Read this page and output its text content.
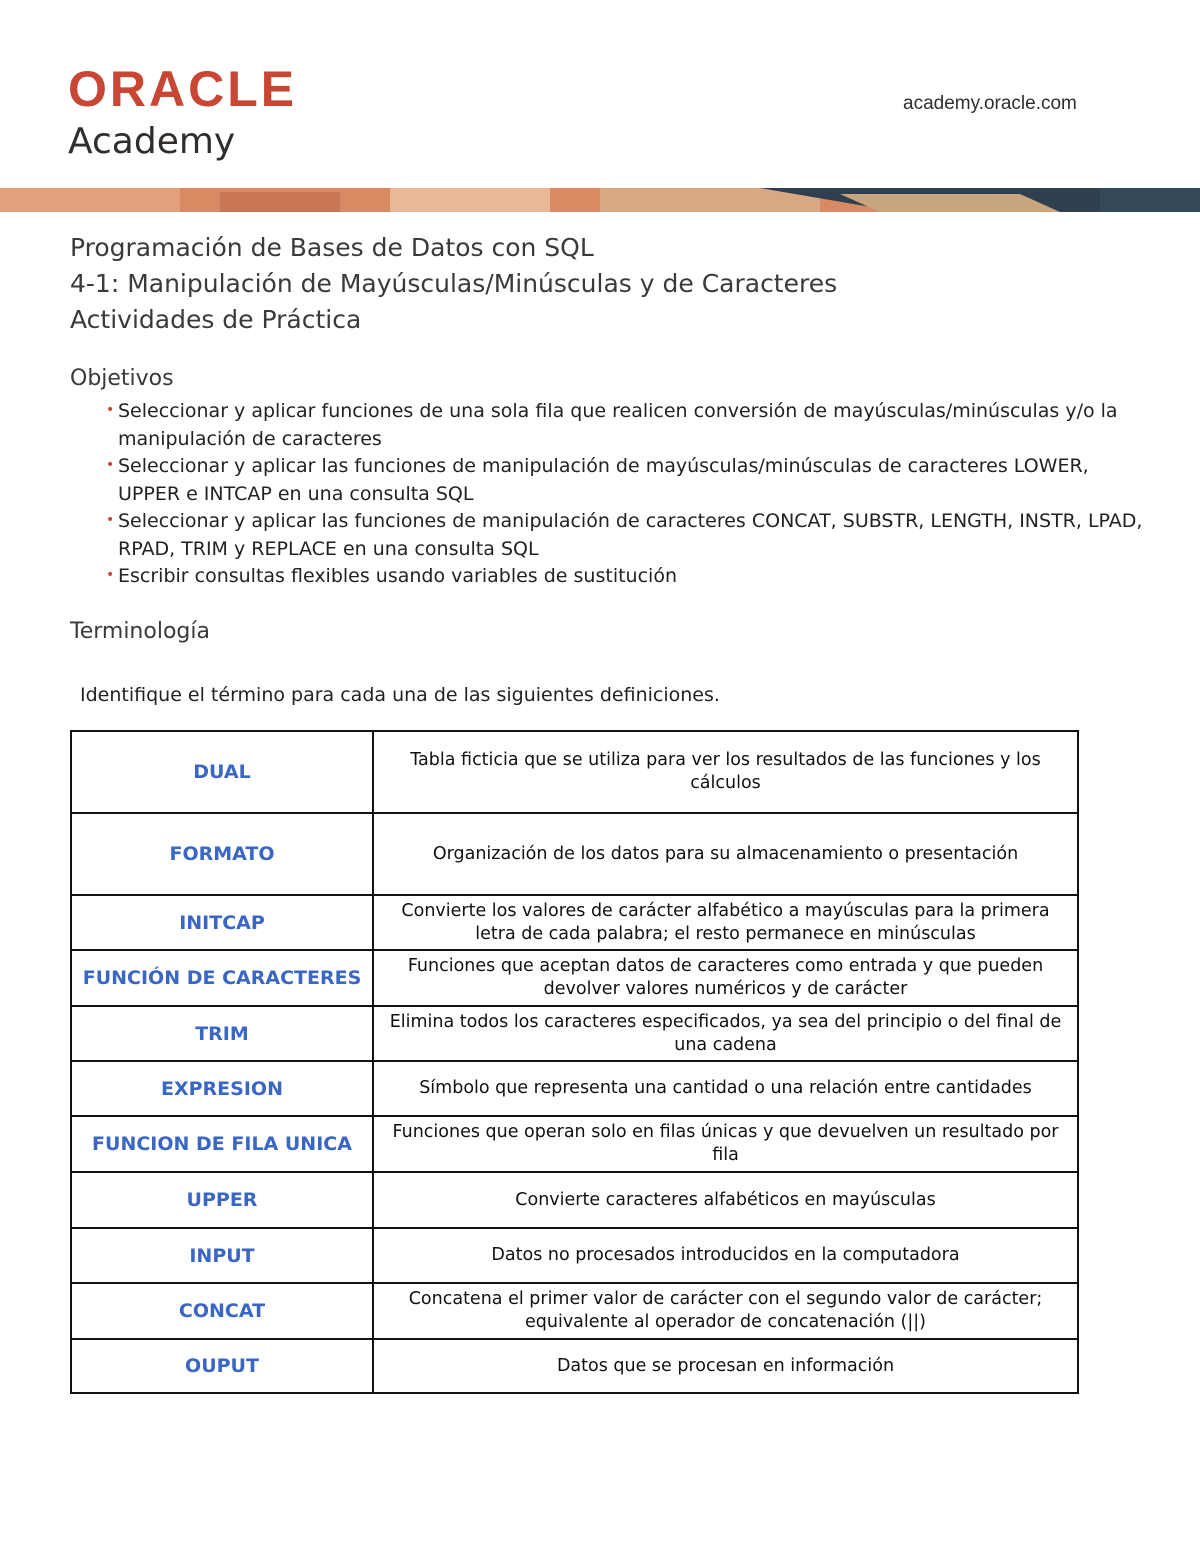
ORACLE
Academy
academy.oracle.com
Programación de Bases de Datos con SQL
4-1: Manipulación de Mayúsculas/Minúsculas y de Caracteres
Actividades de Práctica
Objetivos
• Seleccionar y aplicar funciones de una sola fila que realicen conversión de mayúsculas/minúsculas y/o la manipulación de caracteres
• Seleccionar y aplicar las funciones de manipulación de mayúsculas/minúsculas de caracteres LOWER, UPPER e INTCAP en una consulta SQL
• Seleccionar y aplicar las funciones de manipulación de caracteres CONCAT, SUBSTR, LENGTH, INSTR, LPAD, RPAD, TRIM y REPLACE en una consulta SQL
• Escribir consultas flexibles usando variables de sustitución
Terminología
Identifique el término para cada una de las siguientes definiciones.
DUAL	Tabla ficticia que se utiliza para ver los resultados de las funciones y los cálculos
FORMATO	Organización de los datos para su almacenamiento o presentación
INITCAP	Convierte los valores de carácter alfabético a mayúsculas para la primera letra de cada palabra; el resto permanece en minúsculas
FUNCIÓN DE CARACTERES	Funciones que aceptan datos de caracteres como entrada y que pueden devolver valores numéricos y de carácter
TRIM	Elimina todos los caracteres especificados, ya sea del principio o del final de una cadena
EXPRESION	Símbolo que representa una cantidad o una relación entre cantidades
FUNCION DE FILA UNICA	Funciones que operan solo en filas únicas y que devuelven un resultado por fila
UPPER	Convierte caracteres alfabéticos en mayúsculas
INPUT	Datos no procesados introducidos en la computadora
CONCAT	Concatena el primer valor de carácter con el segundo valor de carácter; equivalente al operador de concatenación (||)
OUPUT	Datos que se procesan en información
